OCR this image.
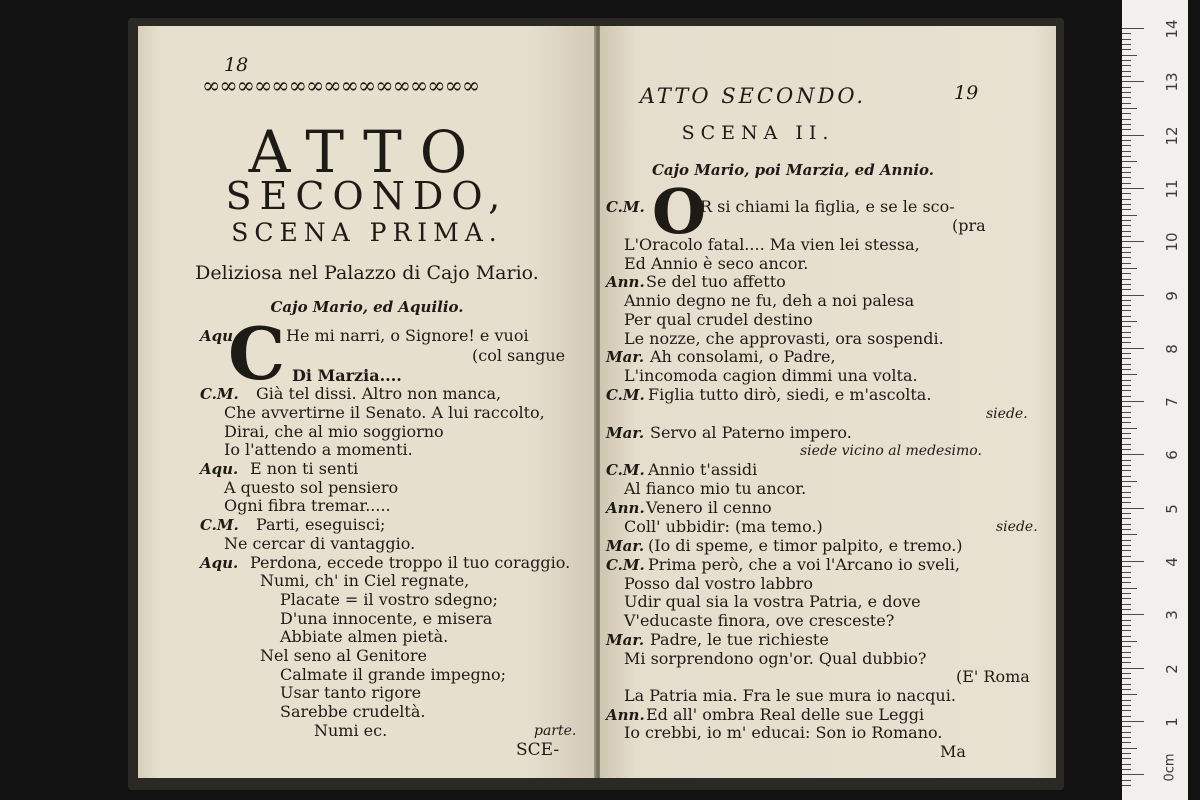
18
∞∞∞∞∞∞∞∞∞∞∞∞∞∞∞∞
ATTO
SECONDO,
SCENA PRIMA.
Deliziosa nel Palazzo di Cajo Mario.
Cajo Mario, ed Aquilio.
C
Aqu.	He mi narri, o Signore! e vuoi
(col sangue
Di Marzia....
C.M. Già tel dissi. Altro non manca,
Che avvertirne il Senato. A lui raccolto,
Dirai, che al mio soggiorno
Io l'attendo a momenti.
Aqu. E non ti senti
A questo sol pensiero
Ogni fibra tremar.....
C.M. Parti, eseguisci;
Ne cercar di vantaggio.
Aqu. Perdona, eccede troppo il tuo coraggio.
Numi, ch' in Ciel regnate,
Placate = il vostro sdegno;
D'una innocente, e misera
Abbiate almen pietà.
Nel seno al Genitore
Calmate il grande impegno;
Usar tanto rigore
Sarebbe crudeltà.
Numi ec.	parte.
SCE-
ATTO SECONDO.	19
SCENA II.
Cajo Mario, poi Marzia, ed Annio.
O
C.M.	R si chiami la figlia, e se le sco-
(pra
L'Oracolo fatal.... Ma vien lei stessa,
Ed Annio è seco ancor.
Ann. Se del tuo affetto
Annio degno ne fu, deh a noi palesa
Per qual crudel destino
Le nozze, che approvasti, ora sospendi.
Mar. Ah consolami, o Padre,
L'incomoda cagion dimmi una volta.
C.M. Figlia tutto dirò, siedi, e m'ascolta.
siede.
Mar. Servo al Paterno impero.
siede vicino al medesimo.
C.M. Annio t'assidi
Al fianco mio tu ancor.
Ann. Venero il cenno
Coll' ubbidir: (ma temo.)	siede.
Mar. (Io di speme, e timor palpito, e tremo.)
C.M. Prima però, che a voi l'Arcano io sveli,
Posso dal vostro labbro
Udir qual sia la vostra Patria, e dove
V'educaste finora, ove cresceste?
Mar. Padre, le tue richieste
Mi sorprendono ogn'or. Qual dubbio?
(E' Roma
La Patria mia. Fra le sue mura io nacqui.
Ann. Ed all' ombra Real delle sue Leggi
Io crebbi, io m' educai: Son io Romano.
Ma
0cm
14
13
12
11
10
9
8
7
6
5
4
3
2
1
